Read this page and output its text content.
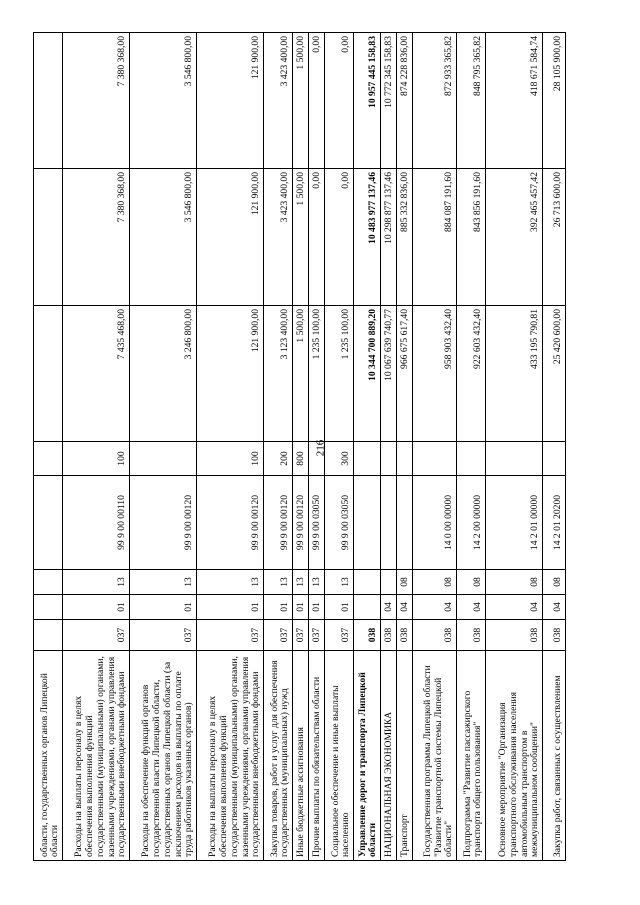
216
области, государственных органов Липецкой области								
Расходы на выплаты персоналу в целях обеспечения выполнения функций государственными (муниципальными) органами, казенными учреждениями, органами управления государственными внебюджетными фондами	037	01	13	99 9 00 00110	100	7 435 468,00	7 380 368,00	7 380 368,00
Расходы на обеспечение функций органов государственной власти Липецкой области, государственных органов Липецкой области (за исключением расходов на выплаты по оплате труда работников указанных органов)	037	01	13	99 9 00 00120		3 246 800,00	3 546 800,00	3 546 800,00
Расходы на выплаты персоналу в целях обеспечения выполнения функций государственными (муниципальными) органами, казенными учреждениями, органами управления государственными внебюджетными фондами	037	01	13	99 9 00 00120	100	121 900,00	121 900,00	121 900,00
Закупка товаров, работ и услуг для обеспечения государственных (муниципальных) нужд	037	01	13	99 9 00 00120	200	3 123 400,00	3 423 400,00	3 423 400,00
Иные бюджетные ассигнования	037	01	13	99 9 00 00120	800	1 500,00	1 500,00	1 500,00
Прочие выплаты по обязательствам области	037	01	13	99 9 00 03050		1 235 100,00	0,00	0,00
Социальное обеспечение и иные выплаты населению	037	01	13	99 9 00 03050	300	1 235 100,00	0,00	0,00
Управление дорог и транспорта Липецкой области	038					10 344 700 889,20	10 483 977 137,46	10 957 445 158,83
НАЦИОНАЛЬНАЯ ЭКОНОМИКА	038	04				10 067 639 740,77	10 298 877 137,46	10 772 345 158,83
Транспорт	038	04	08			966 675 617,40	885 332 836,00	874 228 836,00
Государственная программа Липецкой области "Развитие транспортной системы Липецкой области"	038	04	08	14 0 00 00000		958 903 432,40	884 087 191,60	872 933 365,82
Подпрограмма "Развитие пассажирского транспорта общего пользования"	038	04	08	14 2 00 00000		922 603 432,40	843 856 191,60	848 795 365,82
Основное мероприятие "Организация транспортного обслуживания населения автомобильным транспортом в межмуниципальном сообщении"	038	04	08	14 2 01 00000		433 195 790,81	392 465 457,42	418 671 584,74
Закупка работ, связанных с осуществлением	038	04	08	14 2 01 20200		25 420 600,00	26 713 600,00	28 105 900,00
